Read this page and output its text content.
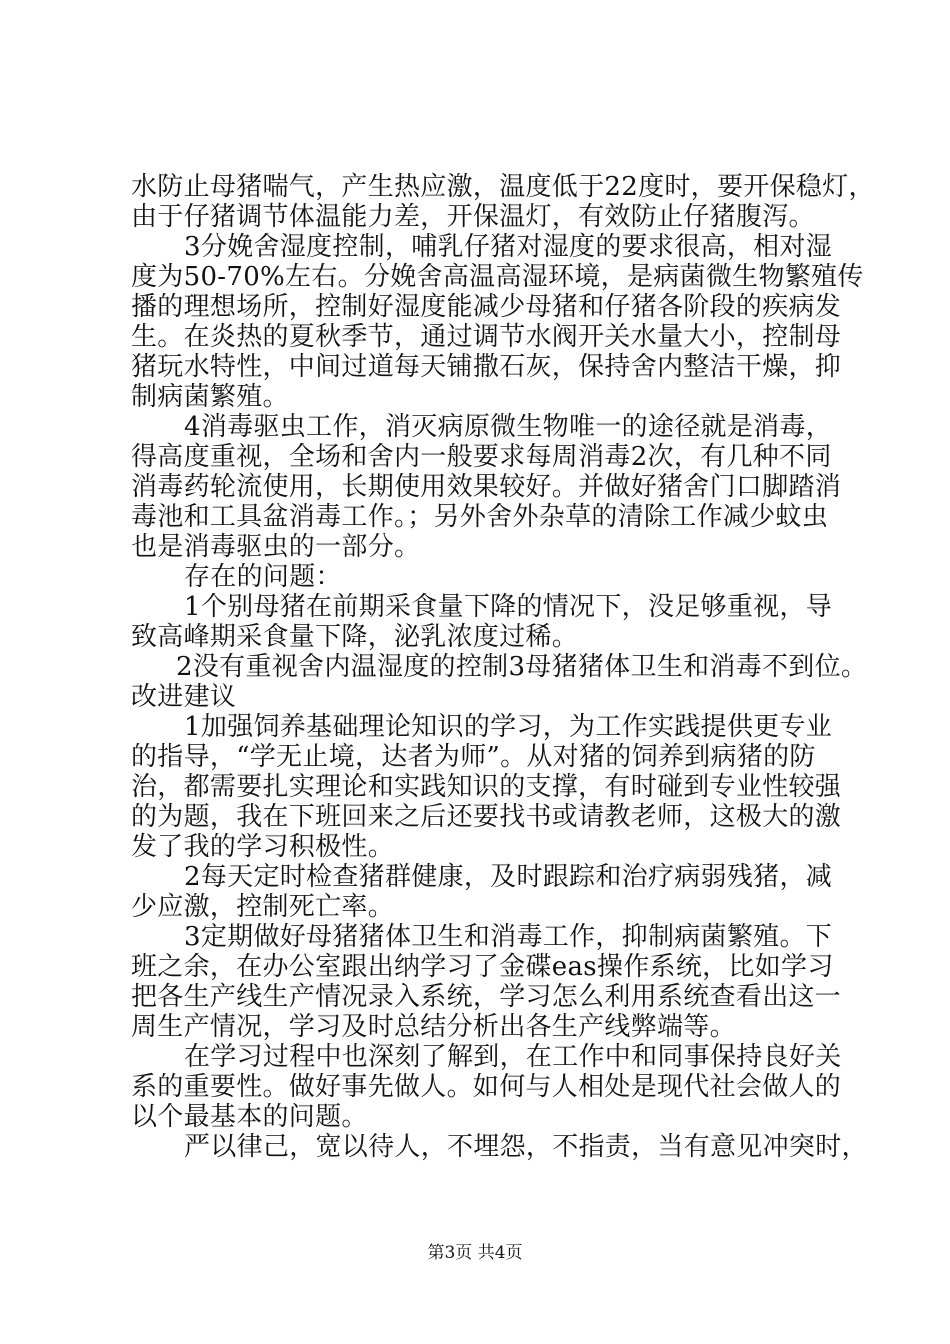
水防止母猪喘气，产生热应激，温度低于22度时，要开保稳灯，

由于仔猪调节体温能力差，开保温灯，有效防止仔猪腹泻。

3分娩舍湿度控制，哺乳仔猪对湿度的要求很高，相对湿

度为50-70%左右。分娩舍高温高湿环境，是病菌微生物繁殖传

播的理想场所，控制好湿度能减少母猪和仔猪各阶段的疾病发

生。在炎热的夏秋季节，通过调节水阀开关水量大小，控制母

猪玩水特性，中间过道每天铺撒石灰，保持舍内整洁干燥，抑

制病菌繁殖。

4消毒驱虫工作，消灭病原微生物唯一的途径就是消毒，

得高度重视，全场和舍内一般要求每周消毒2次，有几种不同

消毒药轮流使用，长期使用效果较好。并做好猪舍门口脚踏消

毒池和工具盆消毒工作。；另外舍外杂草的清除工作减少蚊虫

也是消毒驱虫的一部分。

存在的问题：

1个别母猪在前期采食量下降的情况下，没足够重视，导

致高峰期采食量下降，泌乳浓度过稀。

2没有重视舍内温湿度的控制3母猪猪体卫生和消毒不到位。

改进建议

1加强饲养基础理论知识的学习，为工作实践提供更专业

的指导，“学无止境，达者为师”。从对猪的饲养到病猪的防

治，都需要扎实理论和实践知识的支撑，有时碰到专业性较强

的为题，我在下班回来之后还要找书或请教老师，这极大的激

发了我的学习积极性。

2每天定时检查猪群健康，及时跟踪和治疗病弱残猪，减

少应激，控制死亡率。

3定期做好母猪猪体卫生和消毒工作，抑制病菌繁殖。下

班之余，在办公室跟出纳学习了金碟eas操作系统，比如学习

把各生产线生产情况录入系统，学习怎么利用系统查看出这一

周生产情况，学习及时总结分析出各生产线弊端等。

在学习过程中也深刻了解到，在工作中和同事保持良好关

系的重要性。做好事先做人。如何与人相处是现代社会做人的

以个最基本的问题。

严以律己，宽以待人，不埋怨，不指责，当有意见冲突时，

第3页 共4页
